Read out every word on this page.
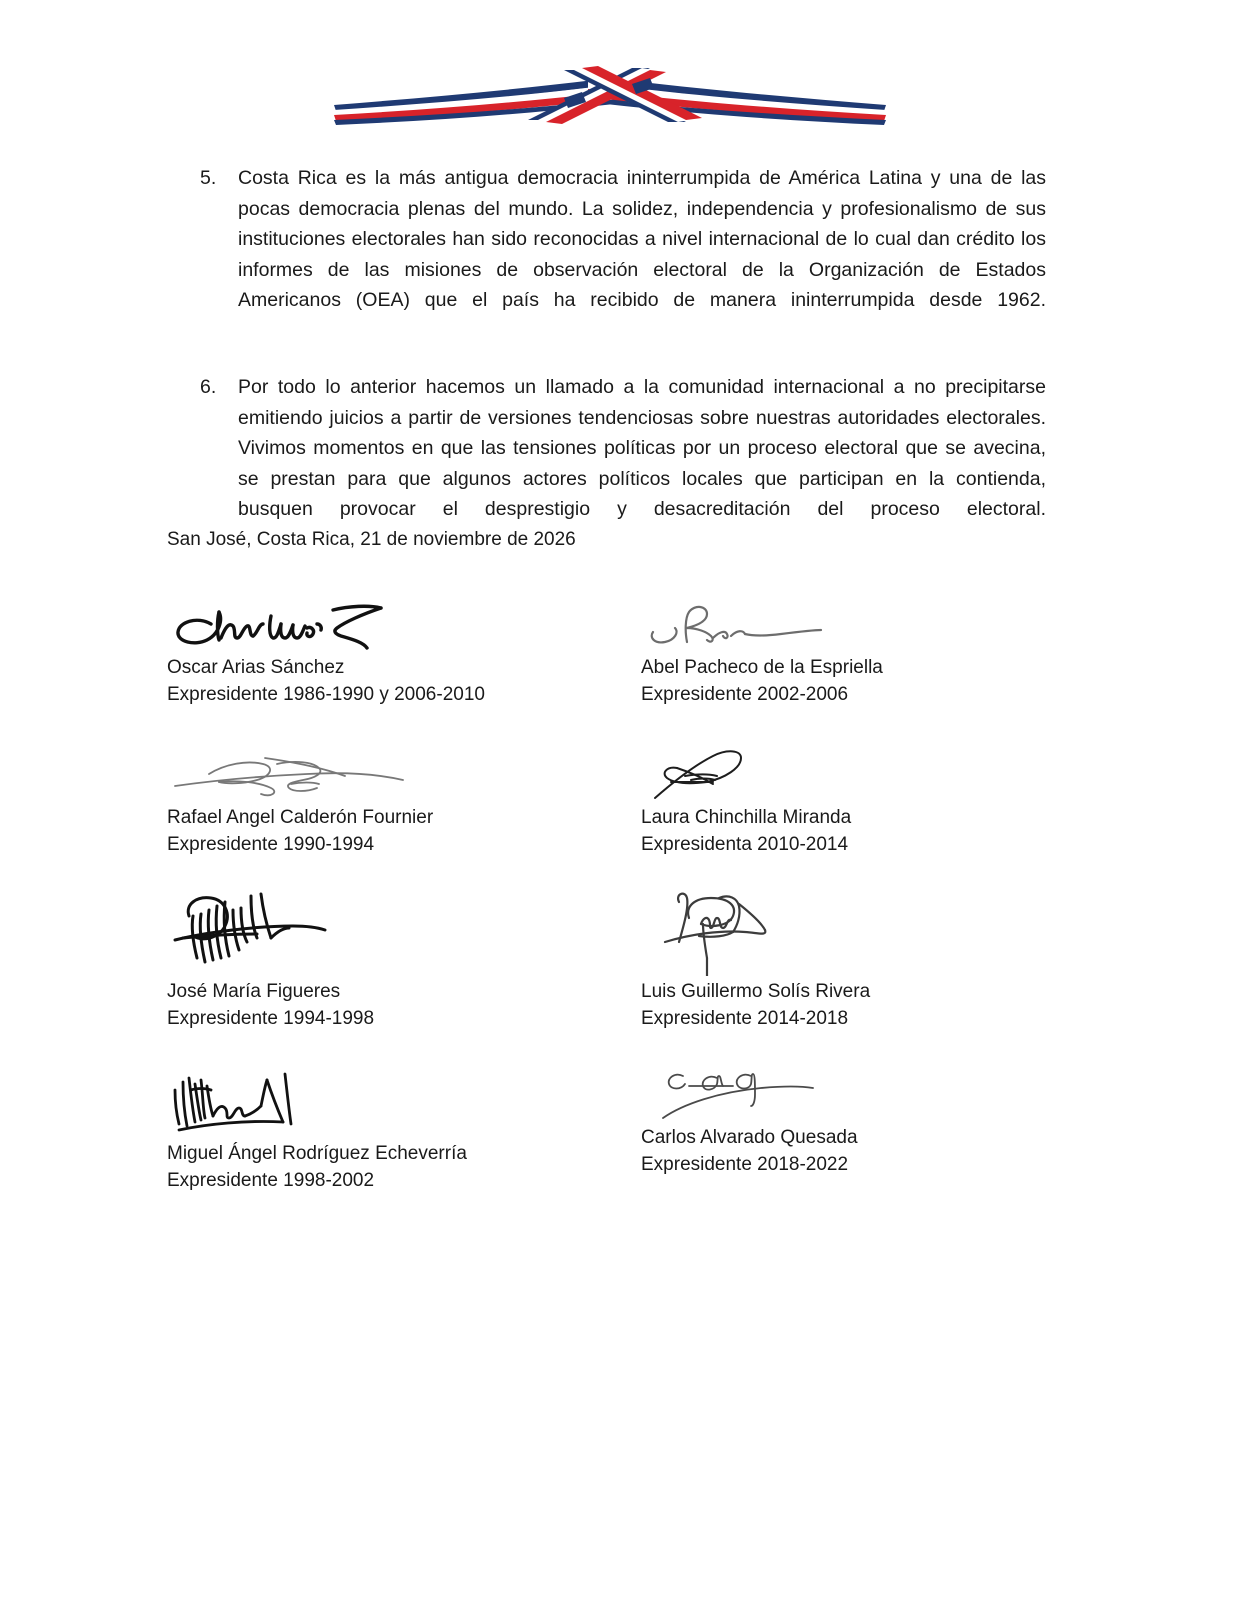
5.	Costa Rica es la más antigua democracia ininterrumpida de América Latina y una de las pocas democracia plenas del mundo. La solidez, independencia y profesionalismo de sus instituciones electorales han sido reconocidas a nivel internacional de lo cual dan crédito los informes de las misiones de observación electoral de la Organización de Estados Americanos (OEA) que el país ha recibido de manera ininterrumpida desde 1962.
6.	Por todo lo anterior hacemos un llamado a la comunidad internacional a no precipitarse emitiendo juicios a partir de versiones tendenciosas sobre nuestras autoridades electorales. Vivimos momentos en que las tensiones políticas por un proceso electoral que se avecina, se prestan para que algunos actores políticos locales que participan en la contienda, busquen provocar el desprestigio y desacreditación del proceso electoral.
San José, Costa Rica, 21 de noviembre de 2026
Oscar Arias Sánchez
Expresidente 1986-1990 y 2006-2010
Abel Pacheco de la Espriella
Expresidente 2002-2006
Rafael Angel Calderón Fournier
Expresidente 1990-1994
Laura Chinchilla Miranda
Expresidenta 2010-2014
José María Figueres
Expresidente 1994-1998
Luis Guillermo Solís Rivera
Expresidente 2014-2018
Miguel Ángel Rodríguez Echeverría
Expresidente 1998-2002
Carlos Alvarado Quesada
Expresidente 2018-2022
